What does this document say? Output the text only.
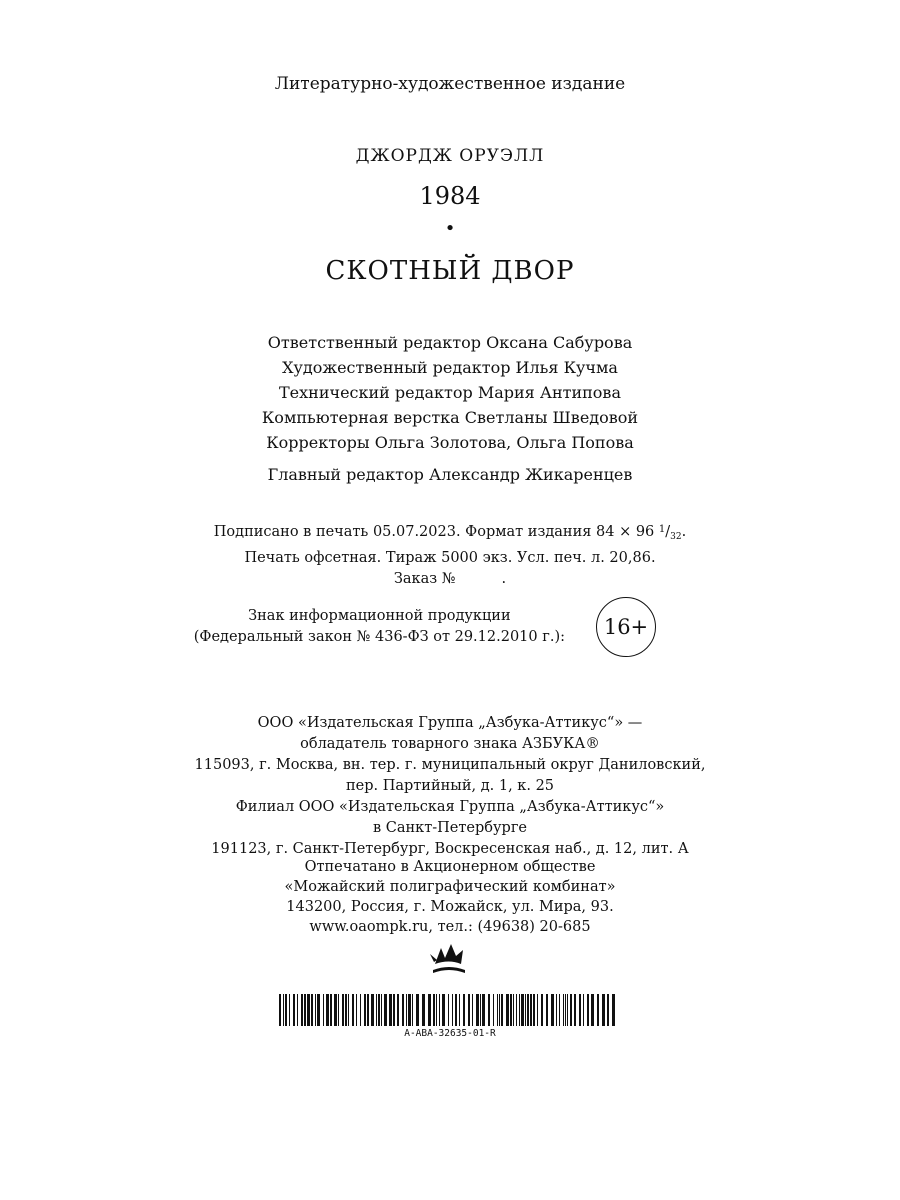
Литературно-художественное издание
ДЖОРДЖ ОРУЭЛЛ
1984
•
СКОТНЫЙ ДВОР
Ответственный редактор Оксана Сабурова
Художественный редактор Илья Кучма
Технический редактор Мария Антипова
Компьютерная верстка Светланы Шведовой
Корректоры Ольга Золотова, Ольга Попова
Главный редактор Александр Жикаренцев
Подписано в печать 05.07.2023. Формат издания 84 × 96 $^1/_{32}$.
Печать офсетная. Тираж 5000 экз. Усл. печ. л. 20,86.
Заказ №          .
Знак информационной продукции
(Федеральный закон № 436-ФЗ от 29.12.2010 г.):	16+
ООО «Издательская Группа „Азбука-Аттикус“» —
обладатель товарного знака АЗБУКА®
115093, г. Москва, вн. тер. г. муниципальный округ Даниловский,
пер. Партийный, д. 1, к. 25
Филиал ООО «Издательская Группа „Азбука-Аттикус“»
в Санкт-Петербурге
191123, г. Санкт-Петербург, Воскресенская наб., д. 12, лит. А
Отпечатано в Акционерном обществе
«Можайский полиграфический комбинат»
143200, Россия, г. Можайск, ул. Мира, 93.
www.oaompk.ru, тел.: (49638) 20-685
A-ABA-32635-01-R
